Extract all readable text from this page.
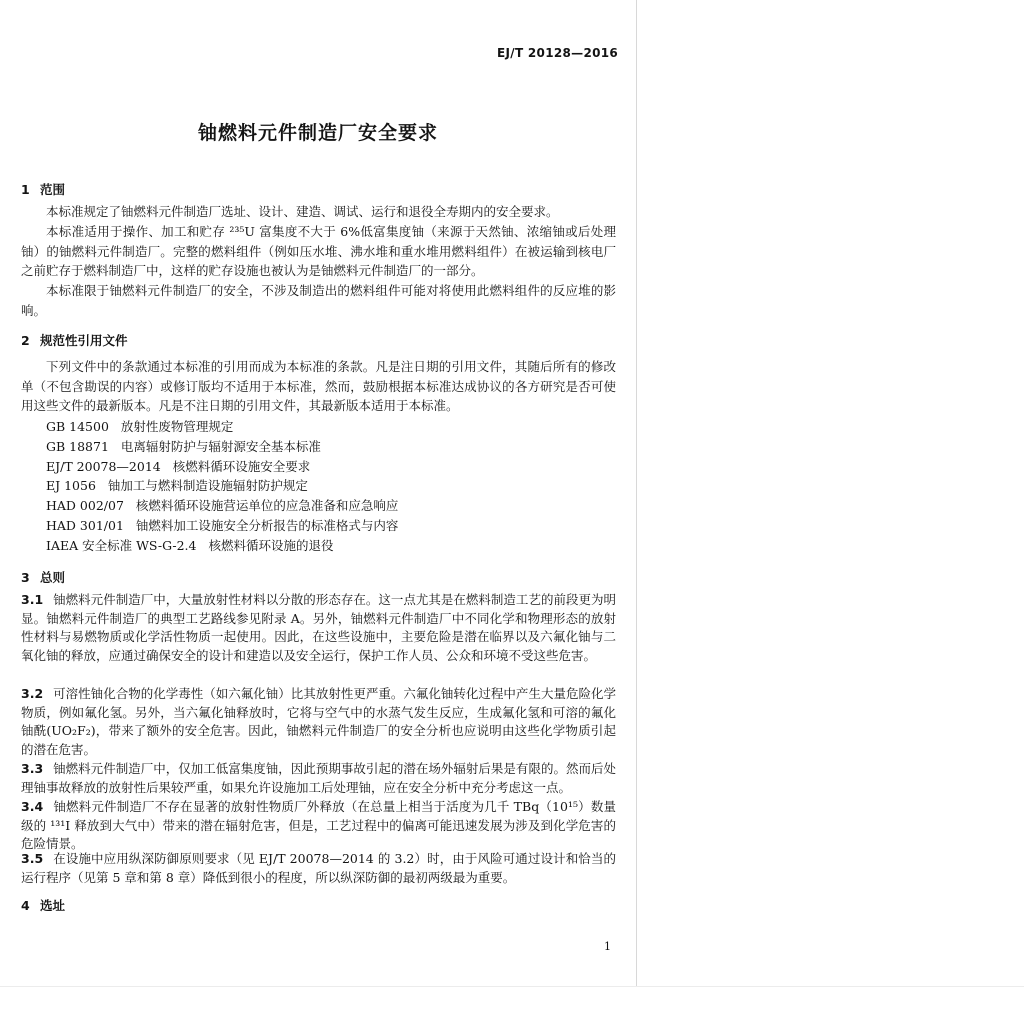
EJ/T 20128—2016
铀燃料元件制造厂安全要求
1 范围

本标准规定了铀燃料元件制造厂选址、设计、建造、调试、运行和退役全寿期内的安全要求。

本标准适用于操作、加工和贮存 ²³⁵U 富集度不大于 6%低富集度铀（来源于天然铀、浓缩铀或后处理铀）的铀燃料元件制造厂。完整的燃料组件（例如压水堆、沸水堆和重水堆用燃料组件）在被运输到核电厂之前贮存于燃料制造厂中，这样的贮存设施也被认为是铀燃料元件制造厂的一部分。

本标准限于铀燃料元件制造厂的安全，不涉及制造出的燃料组件可能对将使用此燃料组件的反应堆的影响。

2 规范性引用文件

下列文件中的条款通过本标准的引用而成为本标准的条款。凡是注日期的引用文件，其随后所有的修改单（不包含勘误的内容）或修订版均不适用于本标准，然而，鼓励根据本标准达成协议的各方研究是否可使用这些文件的最新版本。凡是不注日期的引用文件，其最新版本适用于本标准。

GB 14500 放射性废物管理规定
GB 18871 电离辐射防护与辐射源安全基本标准
EJ/T 20078—2014 核燃料循环设施安全要求
EJ 1056 铀加工与燃料制造设施辐射防护规定
HAD 002/07 核燃料循环设施营运单位的应急准备和应急响应
HAD 301/01 铀燃料加工设施安全分析报告的标准格式与内容
IAEA 安全标准 WS-G-2.4 核燃料循环设施的退役
3 总则

3.1 铀燃料元件制造厂中，大量放射性材料以分散的形态存在。这一点尤其是在燃料制造工艺的前段更为明显。铀燃料元件制造厂的典型工艺路线参见附录 A。另外，铀燃料元件制造厂中不同化学和物理形态的放射性材料与易燃物质或化学活性物质一起使用。因此，在这些设施中，主要危险是潜在临界以及六氟化铀与二氧化铀的释放，应通过确保安全的设计和建造以及安全运行，保护工作人员、公众和环境不受这些危害。

3.2 可溶性铀化合物的化学毒性（如六氟化铀）比其放射性更严重。六氟化铀转化过程中产生大量危险化学物质，例如氟化氢。另外，当六氟化铀释放时，它将与空气中的水蒸气发生反应，生成氟化氢和可溶的氟化铀酰(UO₂F₂)，带来了额外的安全危害。因此，铀燃料元件制造厂的安全分析也应说明由这些化学物质引起的潜在危害。

3.3 铀燃料元件制造厂中，仅加工低富集度铀，因此预期事故引起的潜在场外辐射后果是有限的。然而后处理铀事故释放的放射性后果较严重，如果允许设施加工后处理铀，应在安全分析中充分考虑这一点。

3.4 铀燃料元件制造厂不存在显著的放射性物质厂外释放（在总量上相当于活度为几千 TBq（10¹⁵）数量级的 ¹³¹I 释放到大气中）带来的潜在辐射危害，但是，工艺过程中的偏离可能迅速发展为涉及到化学危害的危险情景。

3.5 在设施中应用纵深防御原则要求（见 EJ/T 20078—2014 的 3.2）时，由于风险可通过设计和恰当的运行程序（见第 5 章和第 8 章）降低到很小的程度，所以纵深防御的最初两级最为重要。

4 选址
1
